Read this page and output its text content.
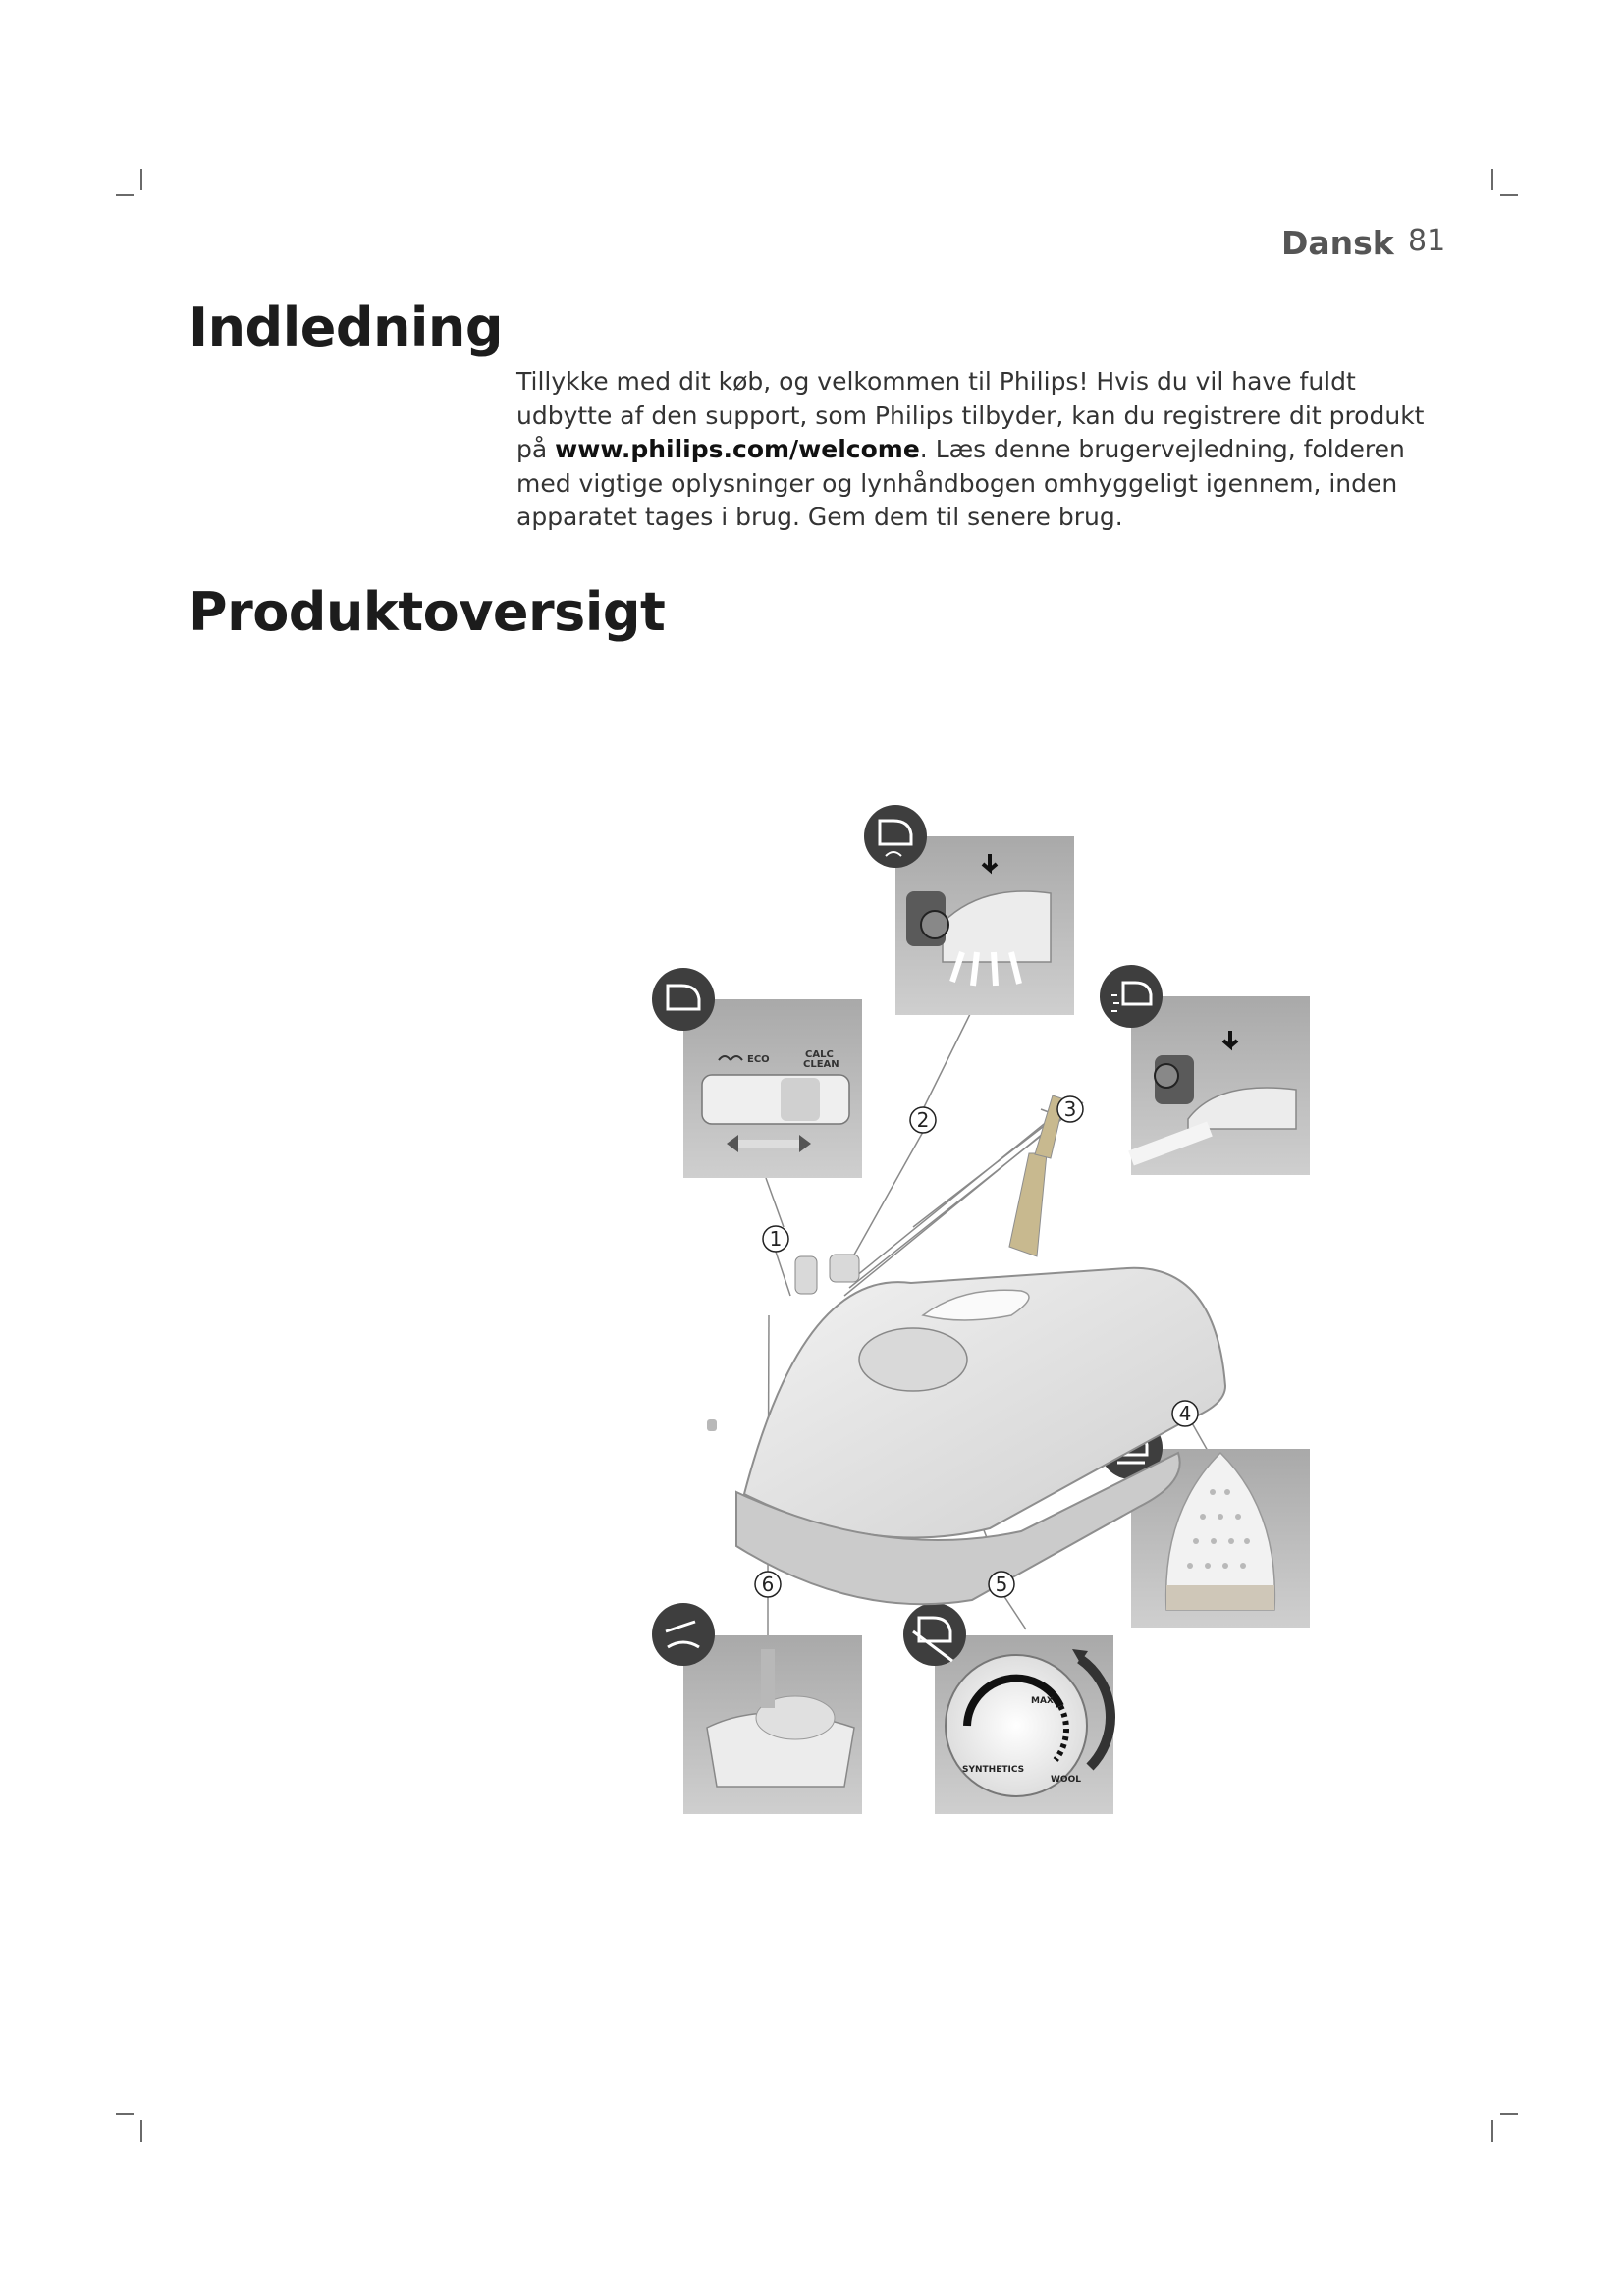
Dansk 81
Indledning
Tillykke med dit køb, og velkommen til Philips! Hvis du vil have fuldt udbytte af den support, som Philips tilbyder, kan du registrere dit produkt på www.philips.com/welcome. Læs denne brugervejledning, folderen med vigtige oplysninger og lynhåndbogen omhyggeligt igennem, inden apparatet tages i brug. Gem dem til senere brug.
Produktoversigt
ECO	CALC
CLEAN
MAX
SYNTHETICS
WOOL
1
2	3
4
5
6
